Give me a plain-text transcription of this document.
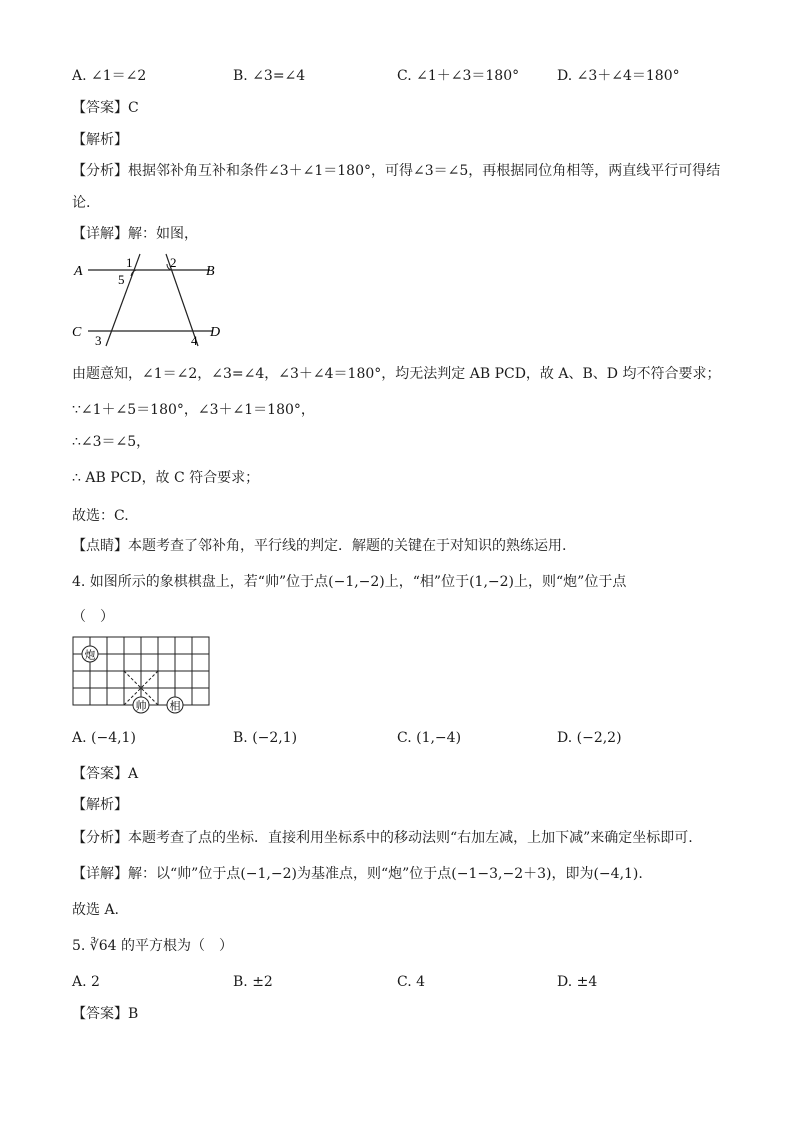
A. ∠1＝∠2	B. ∠3=∠4	C. ∠1＋∠3＝180°	D. ∠3＋∠4＝180°
【答案】C
【解析】
【分析】根据邻补角互补和条件∠3＋∠1＝180°，可得∠3＝∠5，再根据同位角相等，两直线平行可得结
论.
【详解】解：如图，
A	B
C	D
1	2
5
3	4
由题意知，∠1＝∠2，∠3=∠4，∠3＋∠4＝180°，均无法判定 AB PCD，故 A、B、D 均不符合要求；
∵∠1＋∠5＝180°，∠3＋∠1＝180°，
∴∠3＝∠5，
∴ AB PCD，故 C 符合要求；
故选：C.
【点睛】本题考查了邻补角，平行线的判定．解题的关键在于对知识的熟练运用.
4. 如图所示的象棋棋盘上，若“帅”位于点(−1,−2)上，“相”位于(1,−2)上，则“炮”位于点
（　）
炮
帅 相
A. (−4,1)	B. (−2,1)	C. (1,−4)	D. (−2,2)
【答案】A
【解析】
【分析】本题考查了点的坐标．直接利用坐标系中的移动法则“右加左减，上加下减”来确定坐标即可.
【详解】解：以“帅”位于点(−1,−2)为基准点，则“炮”位于点(−1−3,−2＋3)，即为(−4,1).
故选 A.
5. ∛64 的平方根为（　）
A. 2	B. ±2	C. 4	D. ±4
【答案】B
